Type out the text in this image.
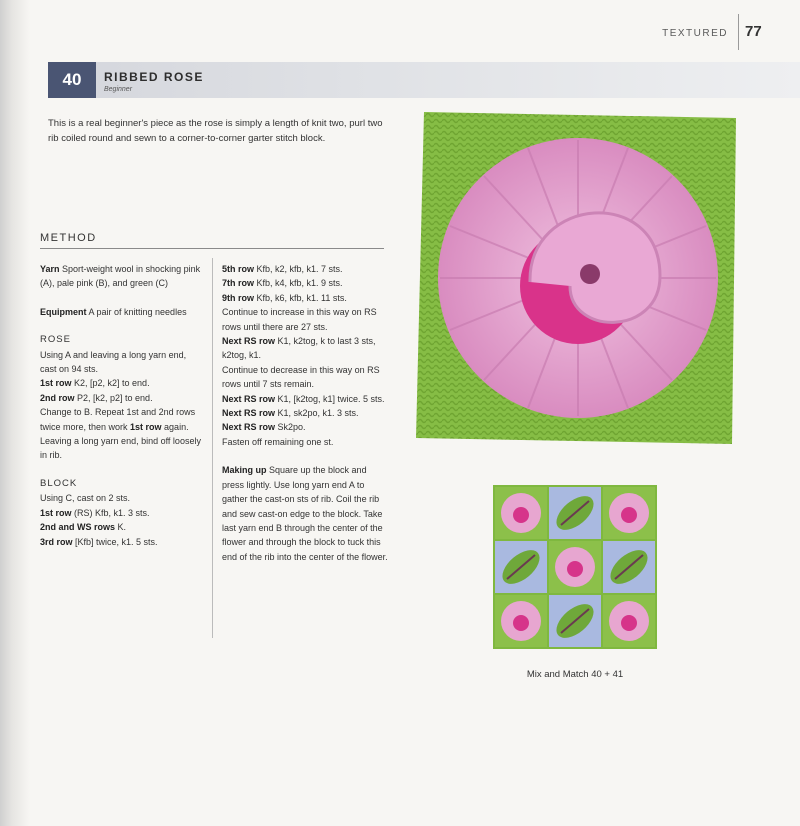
TEXTURED 77
40	RIBBED ROSE
Beginner
This is a real beginner's piece as the rose is simply a length of knit two, purl two rib coiled round and sewn to a corner-to-corner garter stitch block.
METHOD

Yarn Sport-weight wool in shocking pink (A), pale pink (B), and green (C)

Equipment A pair of knitting needles

ROSE

Using A and leaving a long yarn end, cast on 94 sts.

1st row K2, [p2, k2] to end.

2nd row P2, [k2, p2] to end.

Change to B. Repeat 1st and 2nd rows twice more, then work 1st row again.

Leaving a long yarn end, bind off loosely in rib.

BLOCK

Using C, cast on 2 sts.

1st row (RS) Kfb, k1. 3 sts.

2nd and WS rows K.

3rd row [Kfb] twice, k1. 5 sts.

5th row Kfb, k2, kfb, k1. 7 sts.

7th row Kfb, k4, kfb, k1. 9 sts.

9th row Kfb, k6, kfb, k1. 11 sts.

Continue to increase in this way on RS rows until there are 27 sts.

Next RS row K1, k2tog, k to last 3 sts, k2tog, k1.

Continue to decrease in this way on RS rows until 7 sts remain.

Next RS row K1, [k2tog, k1] twice. 5 sts.

Next RS row K1, sk2po, k1. 3 sts.

Next RS row Sk2po.

Fasten off remaining one st.

Making up Square up the block and press lightly. Use long yarn end A to gather the cast-on sts of rib. Coil the rib and sew cast-on edge to the block. Take last yarn end B through the center of the flower and through the block to tuck this end of the rib into the center of the flower.

Mix and Match 40 + 41
